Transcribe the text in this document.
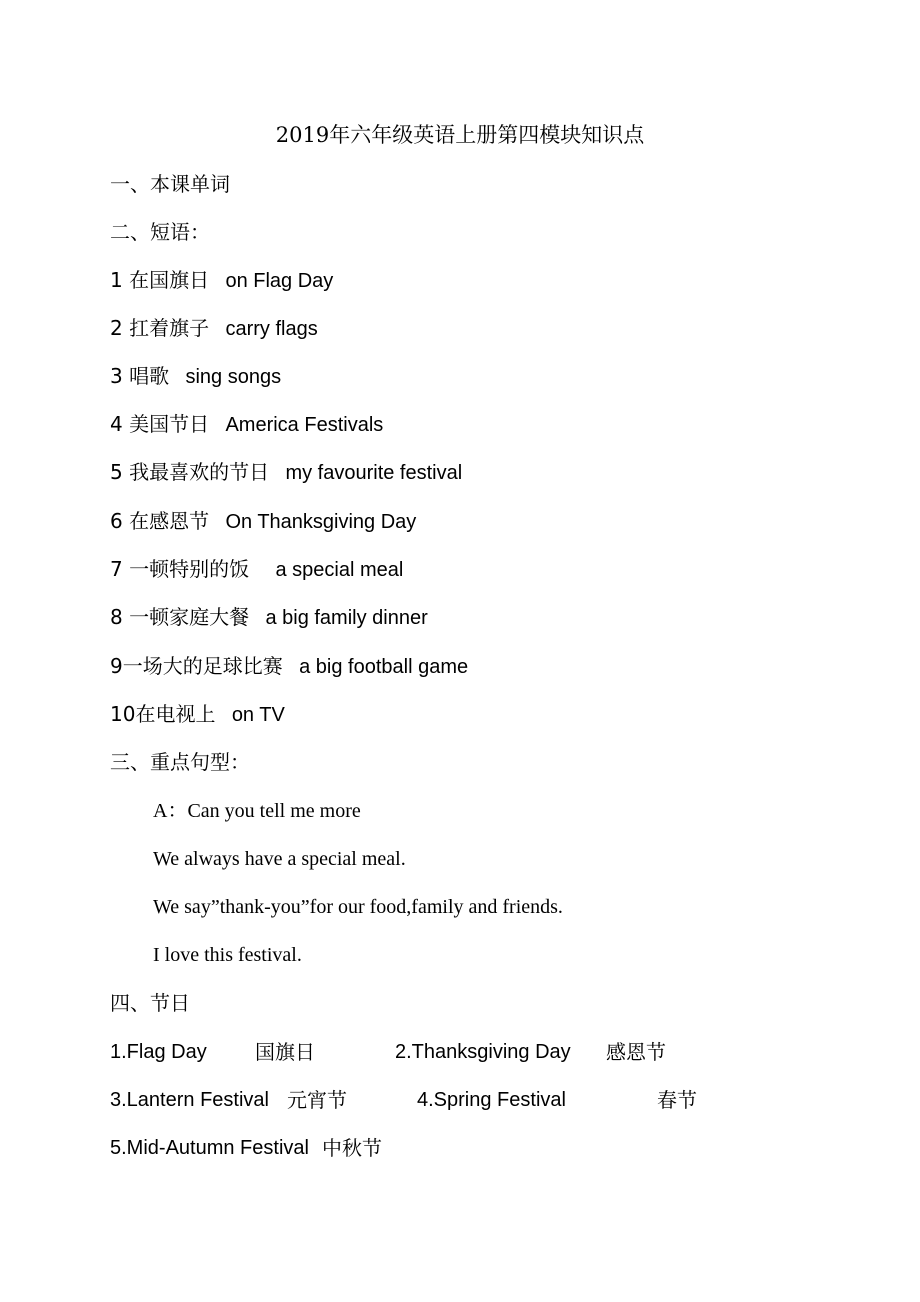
2019年六年级英语上册第四模块知识点
一、本课单词
二、短语：
1 在国旗日 on Flag Day
2 扛着旗子 carry flags
3 唱歌 sing songs
4 美国节日 America Festivals
5 我最喜欢的节日 my favourite festival
6 在感恩节 On Thanksgiving Day
7 一顿特别的饭 a special meal
8 一顿家庭大餐 a big family dinner
9一场大的足球比赛 a big football game
10在电视上 on TV
三、重点句型：
A：Can you tell me more
We always have a special meal.
We say”thank-you”for our food,family and friends.
I love this festival.
四、节日
1.Flag Day 国旗日	2.Thanksgiving Day 感恩节
3.Lantern Festival 元宵节	4.Spring Festival	春节
5.Mid-Autumn Festival 中秋节
